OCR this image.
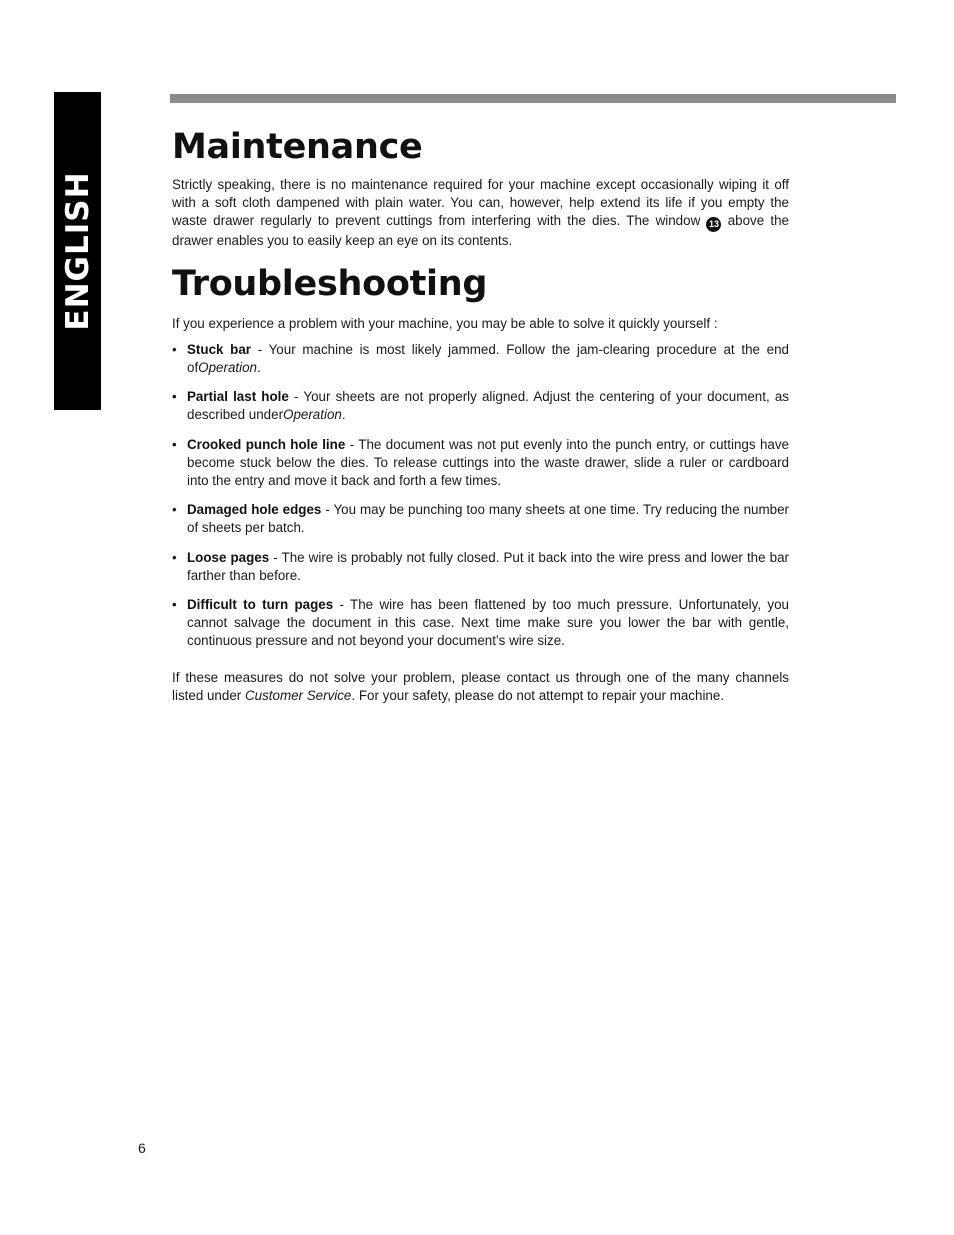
ENGLISH
Maintenance

Strictly speaking, there is no maintenance required for your machine except occasionally wiping it off with a soft cloth dampened with plain water. You can, however, help extend its life if you empty the waste drawer regularly to prevent cuttings from interfering with the dies. The window 13 above the drawer enables you to easily keep an eye on its contents.

Troubleshooting

If you experience a problem with your machine, you may be able to solve it quickly yourself :

• Stuck bar - Your machine is most likely jammed. Follow the jam-clearing procedure at the end ofOperation.
• Partial last hole - Your sheets are not properly aligned. Adjust the centering of your document, as described underOperation.
• Crooked punch hole line - The document was not put evenly into the punch entry, or cuttings have become stuck below the dies. To release cuttings into the waste drawer, slide a ruler or cardboard into the entry and move it back and forth a few times.
• Damaged hole edges - You may be punching too many sheets at one time. Try reducing the number of sheets per batch.
• Loose pages - The wire is probably not fully closed. Put it back into the wire press and lower the bar farther than before.
• Difficult to turn pages - The wire has been flattened by too much pressure. Unfortunately, you cannot salvage the document in this case. Next time make sure you lower the bar with gentle, continuous pressure and not beyond your document’s wire size.

If these measures do not solve your problem, please contact us through one of the many channels listed under Customer Service. For your safety, please do not attempt to repair your machine.

6
